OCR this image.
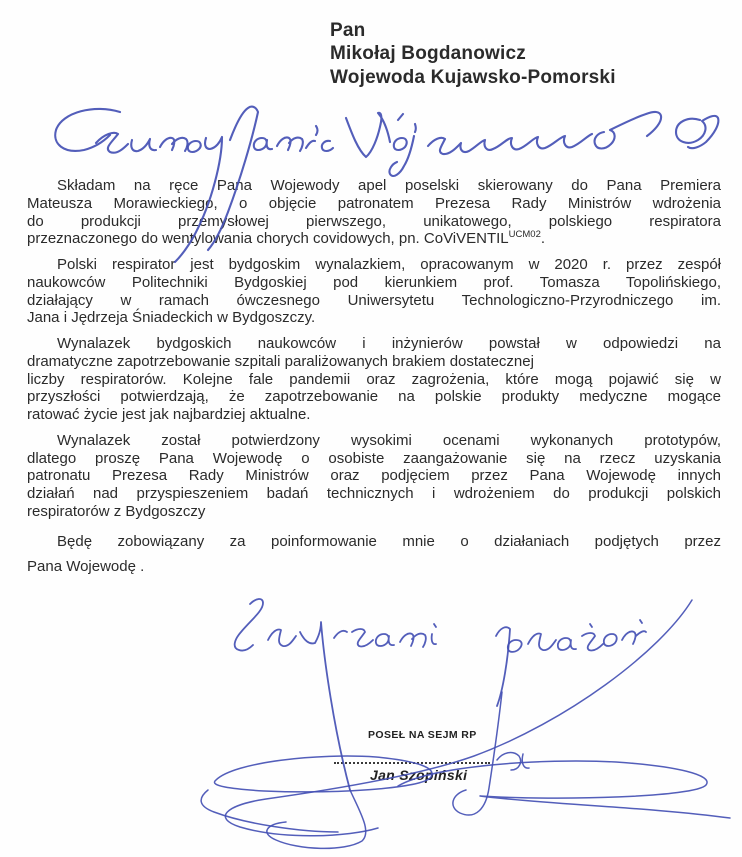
Pan
Mikołaj Bogdanowicz
Wojewoda Kujawsko-Pomorski
Składam na ręce Pana Wojewody apel poselski skierowany do Pana Premiera
Mateusza Morawieckiego, o objęcie patronatem Prezesa Rady Ministrów wdrożenia
do produkcji przemysłowej pierwszego, unikatowego, polskiego respiratora
przeznaczonego do wentylowania chorych covidowych, pn. CoViVENTIL$^{UCM02}$.
Polski respirator jest bydgoskim wynalazkiem, opracowanym w 2020 r. przez zespół
naukowców Politechniki Bydgoskiej pod kierunkiem prof. Tomasza Topolińskiego,
działający w ramach ówczesnego Uniwersytetu Technologiczno-Przyrodniczego im.
Jana i Jędrzeja Śniadeckich w Bydgoszczy.
Wynalazek bydgoskich naukowców i inżynierów powstał w odpowiedzi na
dramatyczne zapotrzebowanie szpitali paraliżowanych brakiem dostatecznej
liczby respiratorów. Kolejne fale pandemii oraz zagrożenia, które mogą pojawić się w
przyszłości potwierdzają, że zapotrzebowanie na polskie produkty medyczne mogące
ratować życie jest jak najbardziej aktualne.
Wynalazek został potwierdzony wysokimi ocenami wykonanych prototypów,
dlatego proszę Pana Wojewodę o osobiste zaangażowanie się na rzecz uzyskania
patronatu Prezesa Rady Ministrów oraz podjęciem przez Pana Wojewodę innych
działań nad przyspieszeniem badań technicznych i wdrożeniem do produkcji polskich
respiratorów z Bydgoszczy
Będę zobowiązany za poinformowanie mnie o działaniach podjętych przez
Pana Wojewodę .
POSEŁ NA SEJM RP
Jan Szopiński
